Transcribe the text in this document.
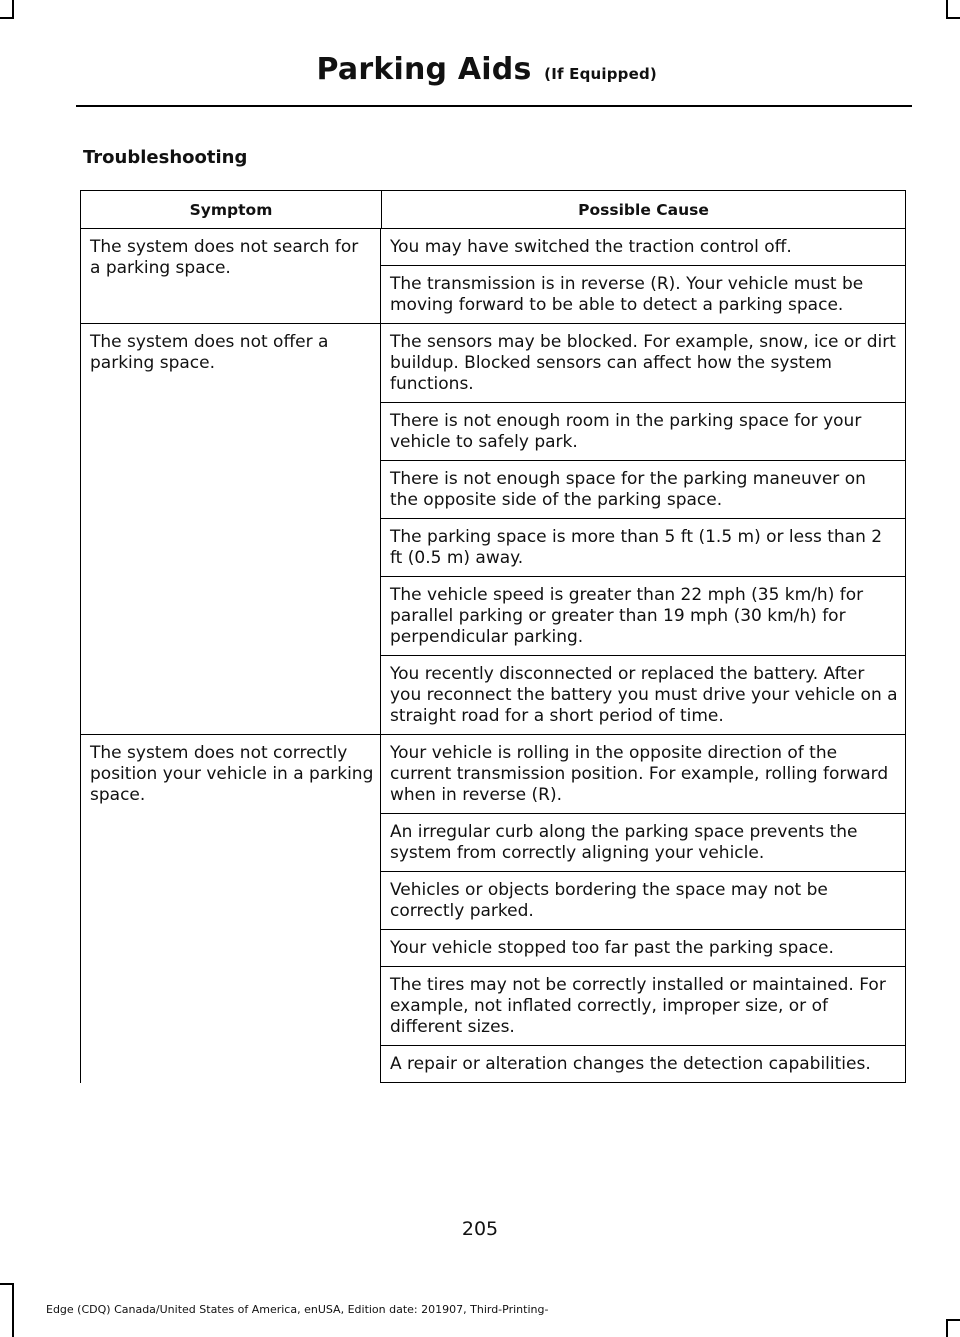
Parking Aids (If Equipped)
Troubleshooting
Symptom	Possible Cause
The system does not search for a parking space.
You may have switched the traction control off.
The transmission is in reverse (R). Your vehicle must be moving forward to be able to detect a parking space.
The system does not offer a parking space.
The sensors may be blocked. For example, snow, ice or dirt buildup. Blocked sensors can affect how the system functions.
There is not enough room in the parking space for your vehicle to safely park.
There is not enough space for the parking maneuver on the opposite side of the parking space.
The parking space is more than 5 ft (1.5 m) or less than 2 ft (0.5 m) away.
The vehicle speed is greater than 22 mph (35 km/h) for parallel parking or greater than 19 mph (30 km/h) for perpendicular parking.
You recently disconnected or replaced the battery. After you reconnect the battery you must drive your vehicle on a straight road for a short period of time.
The system does not correctly position your vehicle in a parking space.
Your vehicle is rolling in the opposite direction of the current transmission position. For example, rolling forward when in reverse (R).
An irregular curb along the parking space prevents the system from correctly aligning your vehicle.
Vehicles or objects bordering the space may not be correctly parked.
Your vehicle stopped too far past the parking space.
The tires may not be correctly installed or maintained. For example, not inflated correctly, improper size, or of different sizes.
A repair or alteration changes the detection capabilities.
205
Edge (CDQ) Canada/United States of America, enUSA, Edition date: 201907, Third-Printing-
